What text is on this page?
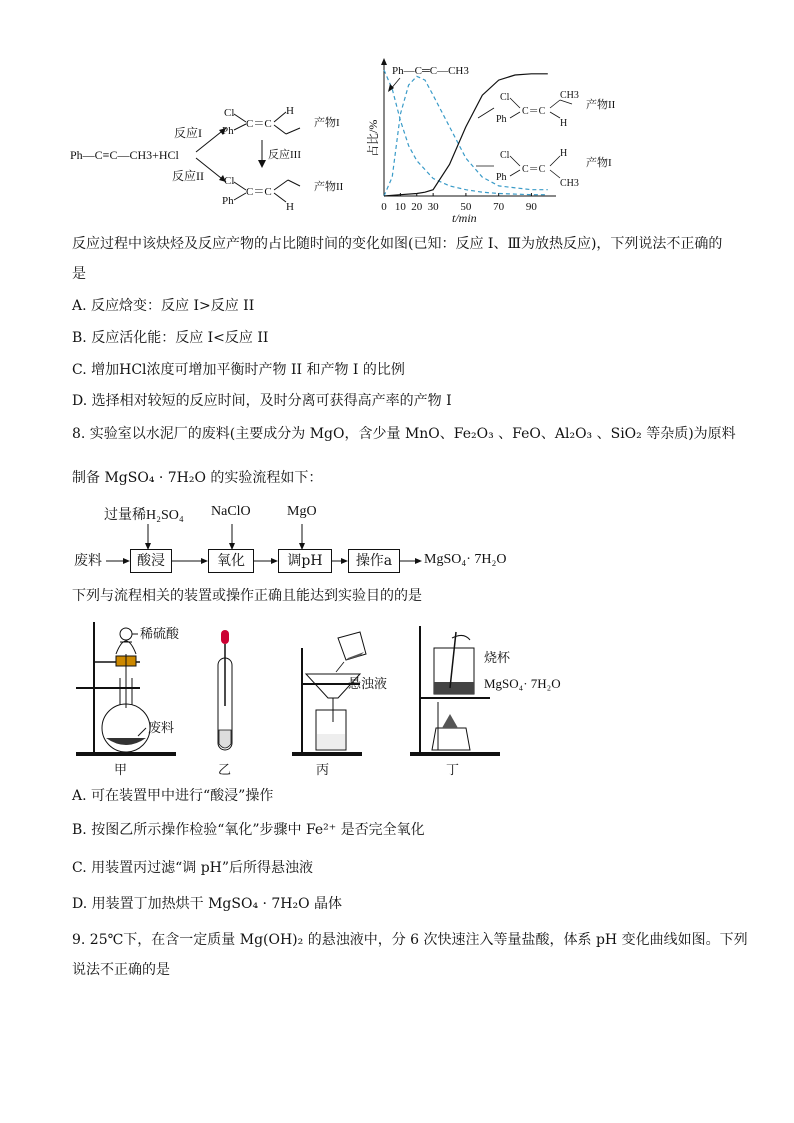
Ph—C≡C—CH3+HCl
反应I
反应II
Cl
Ph
C＝C
H
产物I
反应III
Cl
Ph
C＝C
H
产物II
占比/%
0 10 20 30 50 70 90
t/min
Ph—C═C—CH3
Cl
Ph
C＝C
CH3
H
产物II
Cl
Ph
C＝C
H
CH3
产物I
反应过程中该炔烃及反应产物的占比随时间的变化如图(已知：反应 I、Ⅲ为放热反应)，下列说法不正确的
是
A. 反应焓变：反应 I>反应 II
B. 反应活化能：反应 I<反应 II
C. 增加HCl浓度可增加平衡时产物 II 和产物 I 的比例
D. 选择相对较短的反应时间，及时分离可获得高产率的产物 I
8. 实验室以水泥厂的废料(主要成分为 MgO，含少量 MnO、Fe₂O₃ 、FeO、Al₂O₃ 、SiO₂ 等杂质)为原料
制备 MgSO₄ · 7H₂O 的实验流程如下：
过量稀H₂SO₄ NaClO	MgO
废料	酸浸	氧化	调pH	操作a	MgSO₄· 7H₂O
下列与流程相关的装置或操作正确且能达到实验目的的是
稀硫酸
废料
甲	乙
悬浊液
丙
烧杯
MgSO₄· 7H₂O
丁
A. 可在装置甲中进行“酸浸”操作
B. 按图乙所示操作检验“氧化”步骤中 Fe²⁺ 是否完全氧化
C. 用装置丙过滤“调 pH”后所得悬浊液
D. 用装置丁加热烘干 MgSO₄ · 7H₂O 晶体
9. 25℃下，在含一定质量 Mg(OH)₂ 的悬浊液中，分 6 次快速注入等量盐酸，体系 pH 变化曲线如图。下列
说法不正确的是
